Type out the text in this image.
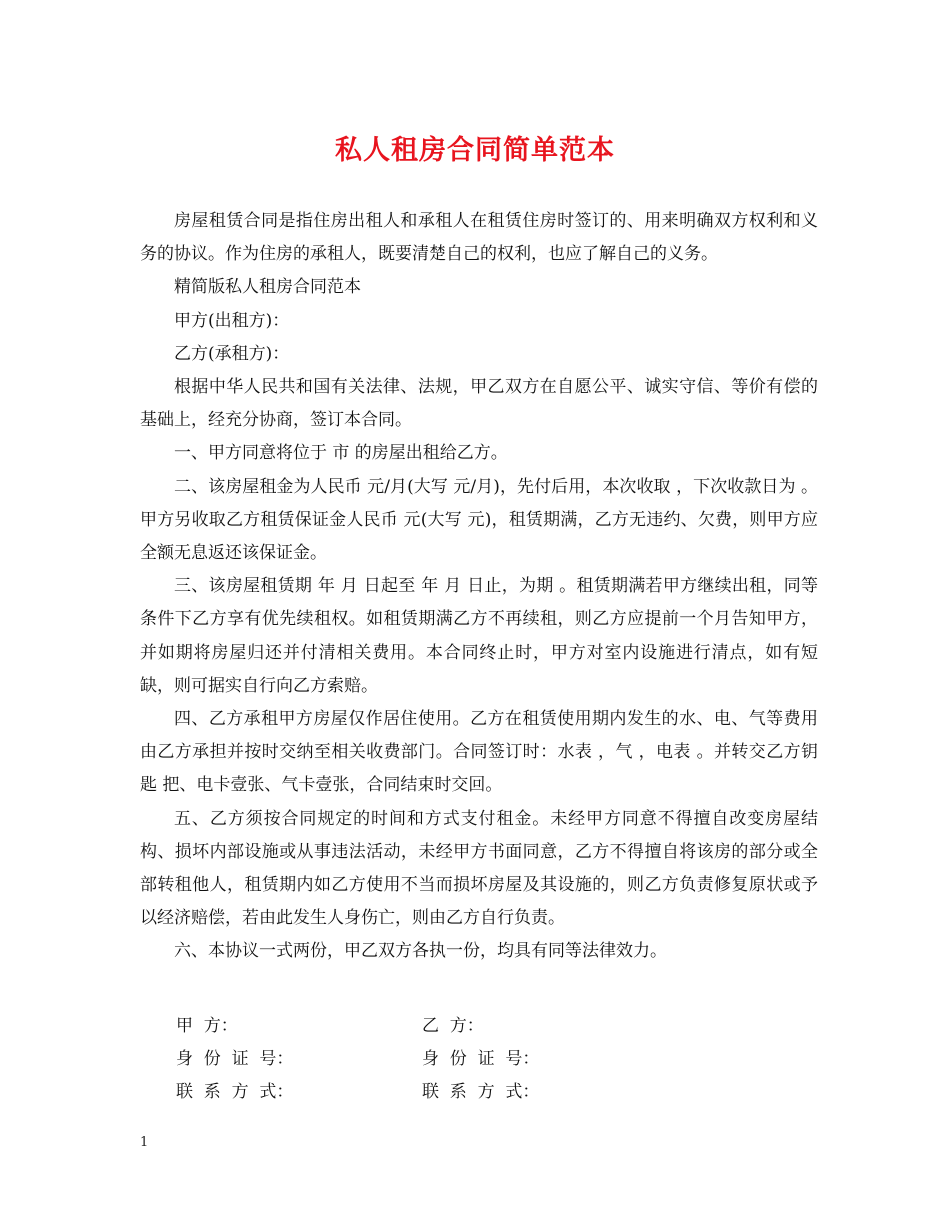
私人租房合同简单范本

房屋租赁合同是指住房出租人和承租人在租赁住房时签订的、用来明确双方权利和义务的协议。作为住房的承租人，既要清楚自己的权利，也应了解自己的义务。

精简版私人租房合同范本

甲方(出租方)：

乙方(承租方)：

根据中华人民共和国有关法律、法规，甲乙双方在自愿公平、诚实守信、等价有偿的基础上，经充分协商，签订本合同。

一、甲方同意将位于 市 的房屋出租给乙方。

二、该房屋租金为人民币 元/月(大写 元/月)，先付后用，本次收取 ，下次收款日为 。甲方另收取乙方租赁保证金人民币 元(大写 元)，租赁期满，乙方无违约、欠费，则甲方应全额无息返还该保证金。

三、该房屋租赁期 年 月 日起至 年 月 日止，为期 。租赁期满若甲方继续出租，同等条件下乙方享有优先续租权。如租赁期满乙方不再续租，则乙方应提前一个月告知甲方，并如期将房屋归还并付清相关费用。本合同终止时，甲方对室内设施进行清点，如有短缺，则可据实自行向乙方索赔。

四、乙方承租甲方房屋仅作居住使用。乙方在租赁使用期内发生的水、电、气等费用由乙方承担并按时交纳至相关收费部门。合同签订时：水表 ，气 ，电表 。并转交乙方钥匙 把、电卡壹张、气卡壹张，合同结束时交回。

五、乙方须按合同规定的时间和方式支付租金。未经甲方同意不得擅自改变房屋结构、损坏内部设施或从事违法活动，未经甲方书面同意，乙方不得擅自将该房的部分或全部转租他人，租赁期内如乙方使用不当而损坏房屋及其设施的，则乙方负责修复原状或予以经济赔偿，若由此发生人身伤亡，则由乙方自行负责。

六、本协议一式两份，甲乙双方各执一份，均具有同等法律效力。

甲  方：	乙  方：
身  份  证  号：	身  份  证  号：
联  系  方  式：	联  系  方  式：
1
